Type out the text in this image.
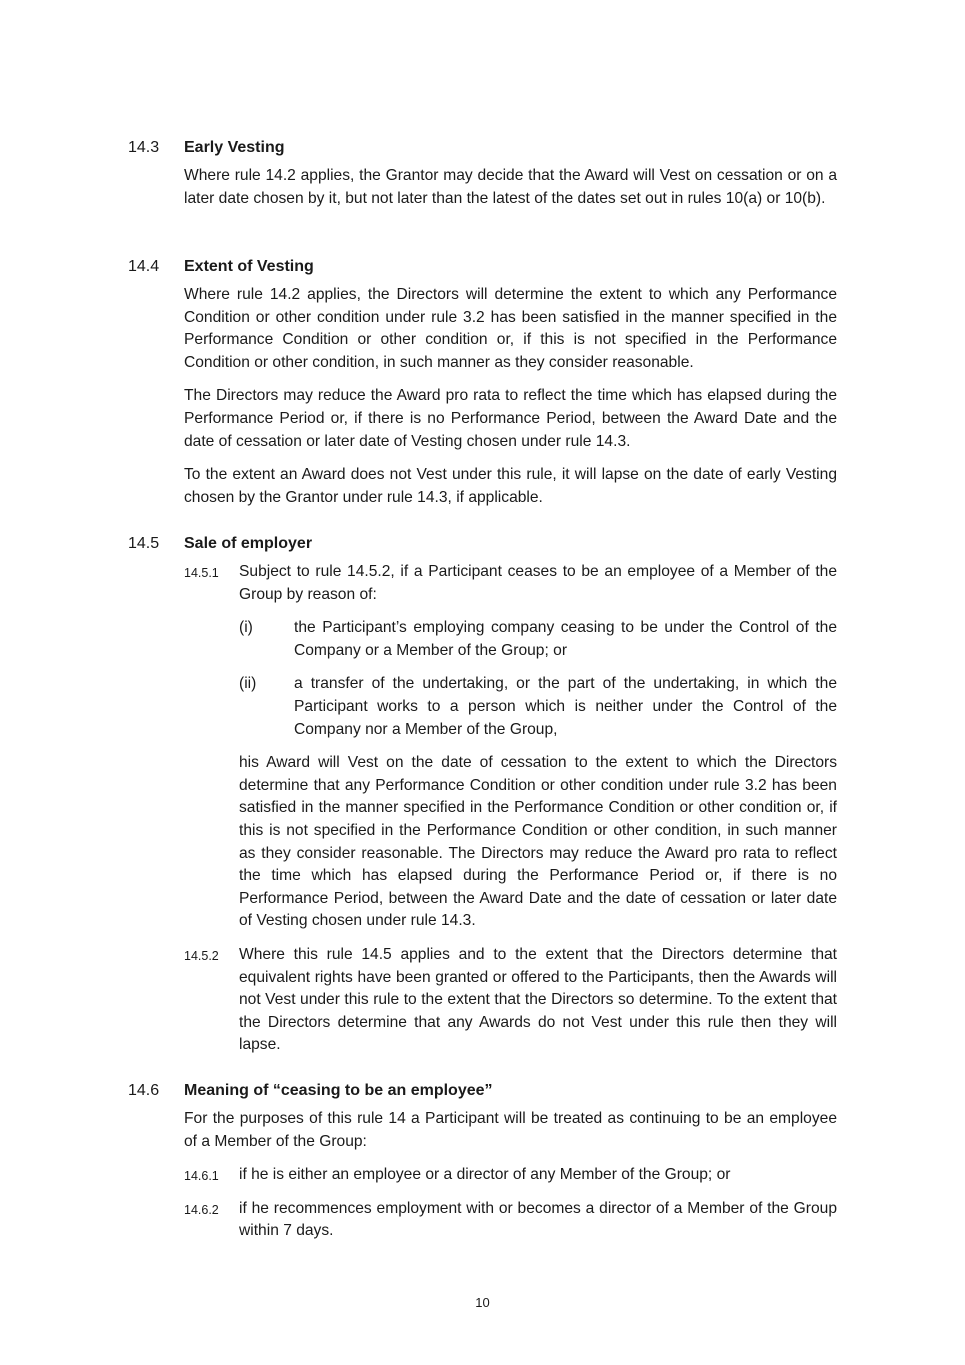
14.3 Early Vesting

Where rule 14.2 applies, the Grantor may decide that the Award will Vest on cessation or on a later date chosen by it, but not later than the latest of the dates set out in rules 10(a) or 10(b).

14.4 Extent of Vesting

Where rule 14.2 applies, the Directors will determine the extent to which any Performance Condition or other condition under rule 3.2 has been satisfied in the manner specified in the Performance Condition or other condition or, if this is not specified in the Performance Condition or other condition, in such manner as they consider reasonable.

The Directors may reduce the Award pro rata to reflect the time which has elapsed during the Performance Period or, if there is no Performance Period, between the Award Date and the date of cessation or later date of Vesting chosen under rule 14.3.

To the extent an Award does not Vest under this rule, it will lapse on the date of early Vesting chosen by the Grantor under rule 14.3, if applicable.

14.5 Sale of employer
14.5.1 Subject to rule 14.5.2, if a Participant ceases to be an employee of a Member of the Group by reason of:

(i)	the Participant’s employing company ceasing to be under the Control of the Company or a Member of the Group; or

(ii) a transfer of the undertaking, or the part of the undertaking, in which the Participant works to a person which is neither under the Control of the Company nor a Member of the Group,

his Award will Vest on the date of cessation to the extent to which the Directors determine that any Performance Condition or other condition under rule 3.2 has been satisfied in the manner specified in the Performance Condition or other condition or, if this is not specified in the Performance Condition or other condition, in such manner as they consider reasonable. The Directors may reduce the Award pro rata to reflect the time which has elapsed during the Performance Period or, if there is no Performance Period, between the Award Date and the date of cessation or later date of Vesting chosen under rule 14.3.

14.5.2 Where this rule 14.5 applies and to the extent that the Directors determine that equivalent rights have been granted or offered to the Participants, then the Awards will not Vest under this rule to the extent that the Directors so determine. To the extent that the Directors determine that any Awards do not Vest under this rule then they will lapse.

14.6 Meaning of “ceasing to be an employee”

For the purposes of this rule 14 a Participant will be treated as continuing to be an employee of a Member of the Group:

14.6.1 if he is either an employee or a director of any Member of the Group; or

14.6.2 if he recommences employment with or becomes a director of a Member of the Group within 7 days.

10
